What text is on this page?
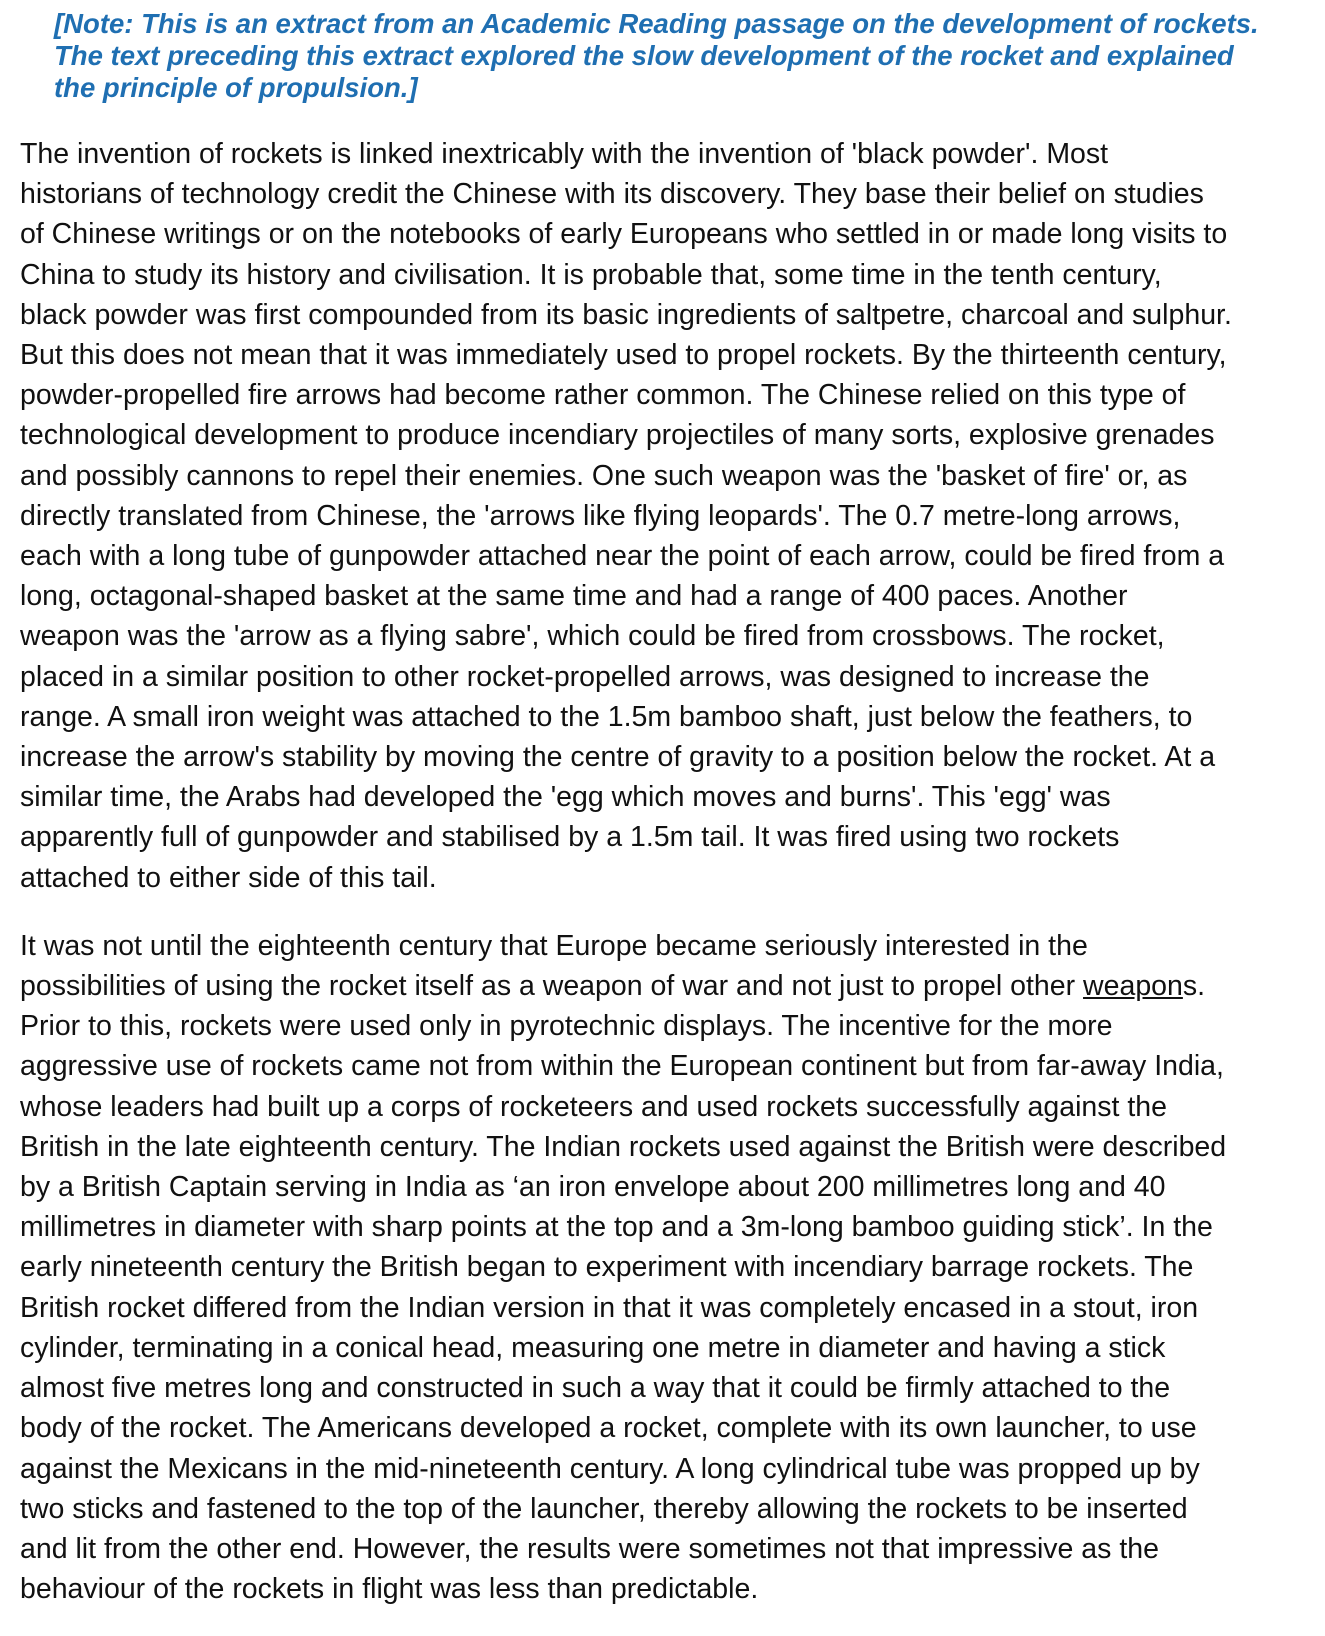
[Note: This is an extract from an Academic Reading passage on the development of rockets.
The text preceding this extract explored the slow development of the rocket and explained
the principle of propulsion.]
The invention of rockets is linked inextricably with the invention of 'black powder'. Most
historians of technology credit the Chinese with its discovery. They base their belief on studies
of Chinese writings or on the notebooks of early Europeans who settled in or made long visits to
China to study its history and civilisation. It is probable that, some time in the tenth century,
black powder was first compounded from its basic ingredients of saltpetre, charcoal and sulphur.
But this does not mean that it was immediately used to propel rockets. By the thirteenth century,
powder-propelled fire arrows had become rather common. The Chinese relied on this type of
technological development to produce incendiary projectiles of many sorts, explosive grenades
and possibly cannons to repel their enemies. One such weapon was the 'basket of fire' or, as
directly translated from Chinese, the 'arrows like flying leopards'. The 0.7 metre-long arrows,
each with a long tube of gunpowder attached near the point of each arrow, could be fired from a
long, octagonal-shaped basket at the same time and had a range of 400 paces. Another
weapon was the 'arrow as a flying sabre', which could be fired from crossbows. The rocket,
placed in a similar position to other rocket-propelled arrows, was designed to increase the
range. A small iron weight was attached to the 1.5m bamboo shaft, just below the feathers, to
increase the arrow's stability by moving the centre of gravity to a position below the rocket. At a
similar time, the Arabs had developed the 'egg which moves and burns'. This 'egg' was
apparently full of gunpowder and stabilised by a 1.5m tail. It was fired using two rockets
attached to either side of this tail.
It was not until the eighteenth century that Europe became seriously interested in the
possibilities of using the rocket itself as a weapon of war and not just to propel other weapons.
Prior to this, rockets were used only in pyrotechnic displays. The incentive for the more
aggressive use of rockets came not from within the European continent but from far-away India,
whose leaders had built up a corps of rocketeers and used rockets successfully against the
British in the late eighteenth century. The Indian rockets used against the British were described
by a British Captain serving in India as ‘an iron envelope about 200 millimetres long and 40
millimetres in diameter with sharp points at the top and a 3m-long bamboo guiding stick’. In the
early nineteenth century the British began to experiment with incendiary barrage rockets. The
British rocket differed from the Indian version in that it was completely encased in a stout, iron
cylinder, terminating in a conical head, measuring one metre in diameter and having a stick
almost five metres long and constructed in such a way that it could be firmly attached to the
body of the rocket. The Americans developed a rocket, complete with its own launcher, to use
against the Mexicans in the mid-nineteenth century. A long cylindrical tube was propped up by
two sticks and fastened to the top of the launcher, thereby allowing the rockets to be inserted
and lit from the other end. However, the results were sometimes not that impressive as the
behaviour of the rockets in flight was less than predictable.
